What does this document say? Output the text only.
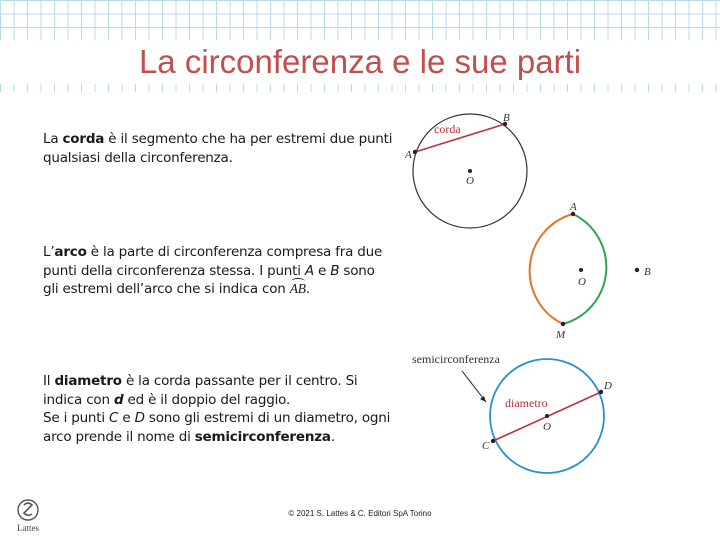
La circonferenza e le sue parti
La corda è il segmento che ha per estremi due punti qualsiasi della circonferenza.
L’arco è la parte di circonferenza compresa fra due punti della circonferenza stessa. I punti A e B sono gli estremi dell’arco che si indica con
AB.
Il diametro è la corda passante per il centro. Si indica con d ed è il doppio del raggio.
Se i punti C e D sono gli estremi di un diametro, ogni arco prende il nome di semicirconferenza.
corda
A
B
O
A
B
M
O
semicirconferenza
diametro
C
D
O
Lattes
© 2021 S. Lattes & C. Editori SpA Torino
